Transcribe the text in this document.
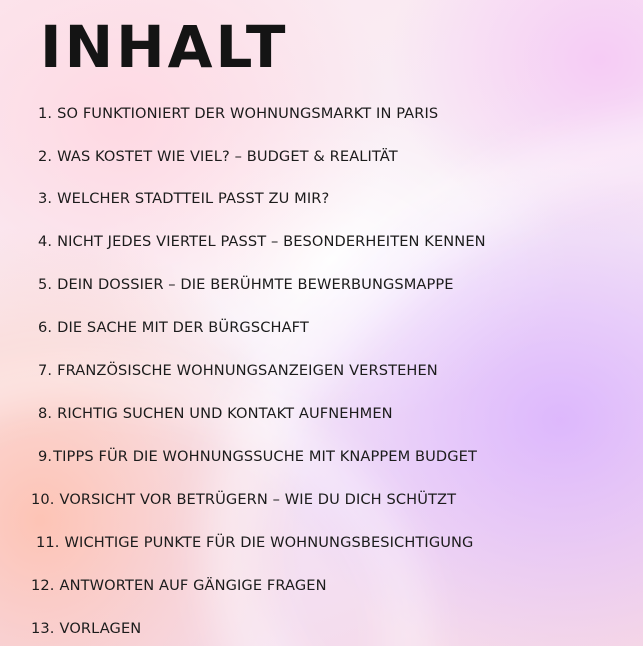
INHALT
1. SO FUNKTIONIERT DER WOHNUNGSMARKT IN PARIS
2. WAS KOSTET WIE VIEL? – BUDGET & REALITÄT
3. WELCHER STADTTEIL PASST ZU MIR?
4. NICHT JEDES VIERTEL PASST – BESONDERHEITEN KENNEN
5. DEIN DOSSIER – DIE BERÜHMTE BEWERBUNGSMAPPE
6. DIE SACHE MIT DER BÜRGSCHAFT
7. FRANZÖSISCHE WOHNUNGSANZEIGEN VERSTEHEN
8. RICHTIG SUCHEN UND KONTAKT AUFNEHMEN
9.TIPPS FÜR DIE WOHNUNGSSUCHE MIT KNAPPEM BUDGET
10. VORSICHT VOR BETRÜGERN – WIE DU DICH SCHÜTZT
11. WICHTIGE PUNKTE FÜR DIE WOHNUNGSBESICHTIGUNG
12. ANTWORTEN AUF GÄNGIGE FRAGEN
13. VORLAGEN
